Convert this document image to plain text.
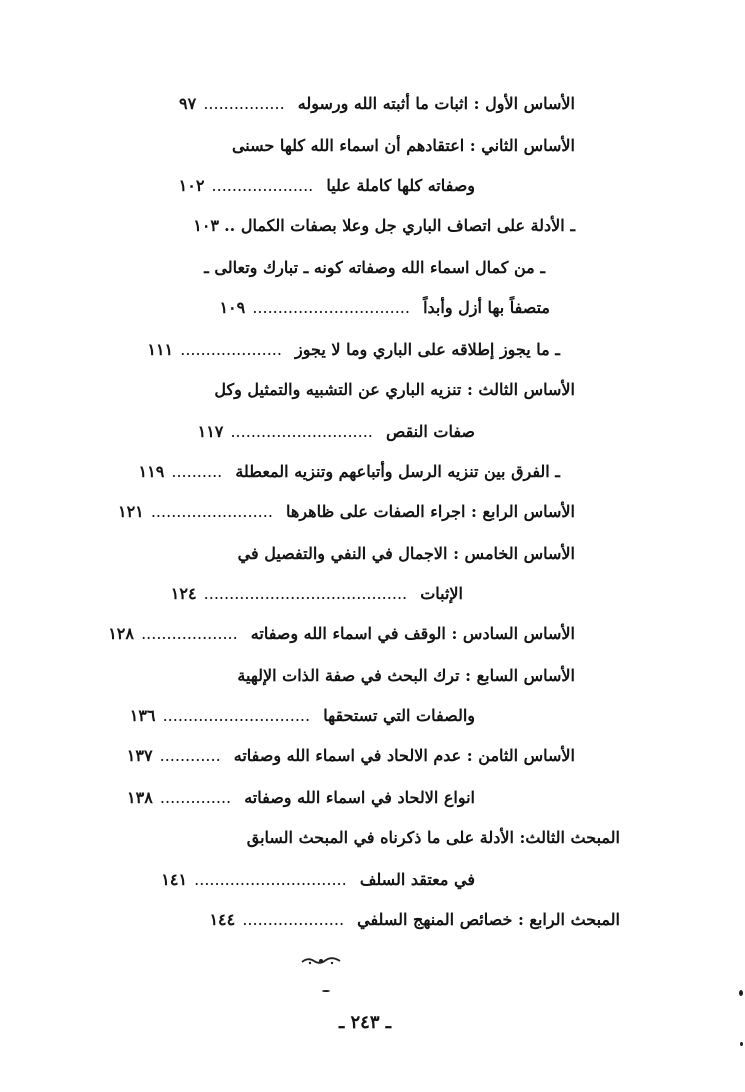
الأساس الأول : اثبات ما أثبته الله ورسوله ................ ٩٧
الأساس الثاني : اعتقادهم أن اسماء الله كلها حسنى
وصفاته كلها كاملة عليا .................... ١٠٢
ـ الأدلة على اتصاف الباري جل وعلا بصفات الكمال .. ١٠٣
ـ من كمال اسماء الله وصفاته كونه ـ تبارك وتعالى ـ
متصفاً بها أزل وأبداً ............................... ١٠٩
ـ ما يجوز إطلاقه على الباري وما لا يجوز .................... ١١١
الأساس الثالث : تنزيه الباري عن التشبيه والتمثيل وكل
صفات النقص ............................ ١١٧
ـ الفرق بين تنزيه الرسل وأتباعهم وتنزيه المعطلة .......... ١١٩
الأساس الرابع : اجراء الصفات على ظاهرها ........................ ١٢١
الأساس الخامس : الاجمال في النفي والتفصيل في
الإثبات ........................................ ١٢٤
الأساس السادس : الوقف في اسماء الله وصفاته ................... ١٢٨
الأساس السابع : ترك البحث في صفة الذات الإلهية
والصفات التي تستحقها ............................. ١٣٦
الأساس الثامن : عدم الالحاد في اسماء الله وصفاته ............ ١٣٧
انواع الالحاد في اسماء الله وصفاته .............. ١٣٨
المبحث الثالث: الأدلة على ما ذكرناه في المبحث السابق
في معتقد السلف .............................. ١٤١
المبحث الرابع : خصائص المنهج السلفي .................... ١٤٤
ـ ٢٤٣ ـ
